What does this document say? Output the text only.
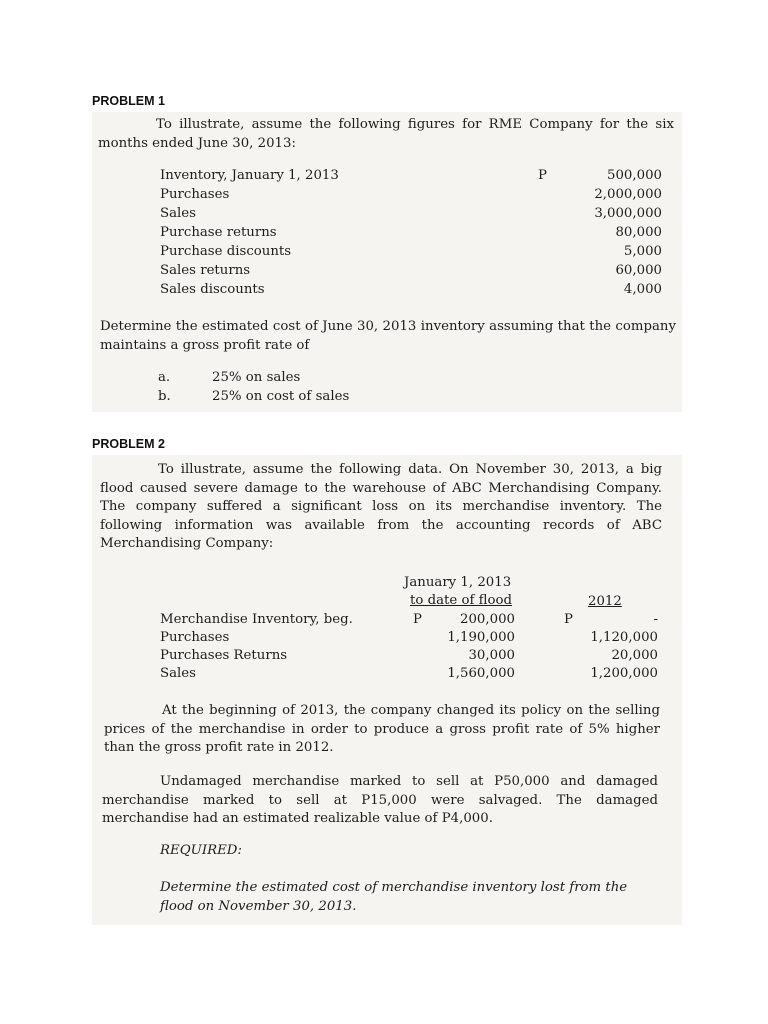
PROBLEM 1

To illustrate, assume the following figures for RME Company for the six months ended June 30, 2013:

Inventory, January 1, 2013	P	500,000
Purchases	2,000,000
Sales	3,000,000
Purchase returns	80,000
Purchase discounts	5,000
Sales returns	60,000
Sales discounts	4,000

Determine the estimated cost of June 30, 2013 inventory assuming that the company maintains a gross profit rate of

a.	25% on sales
b.	25% on cost of sales
PROBLEM 2

To illustrate, assume the following data. On November 30, 2013, a big flood caused severe damage to the warehouse of ABC Merchandising Company. The company suffered a significant loss on its merchandise inventory. The following information was available from the accounting records of ABC Merchandising Company:

January 1, 2013
to date of flood	2012
Merchandise Inventory, beg.	P	200,000	P	-
Purchases	1,190,000	1,120,000
Purchases Returns	30,000	20,000
Sales	1,560,000	1,200,000

At the beginning of 2013, the company changed its policy on the selling prices of the merchandise in order to produce a gross profit rate of 5% higher than the gross profit rate in 2012.

Undamaged merchandise marked to sell at P50,000 and damaged merchandise marked to sell at P15,000 were salvaged. The damaged merchandise had an estimated realizable value of P4,000.

REQUIRED:

Determine the estimated cost of merchandise inventory lost from the flood on November 30, 2013.
